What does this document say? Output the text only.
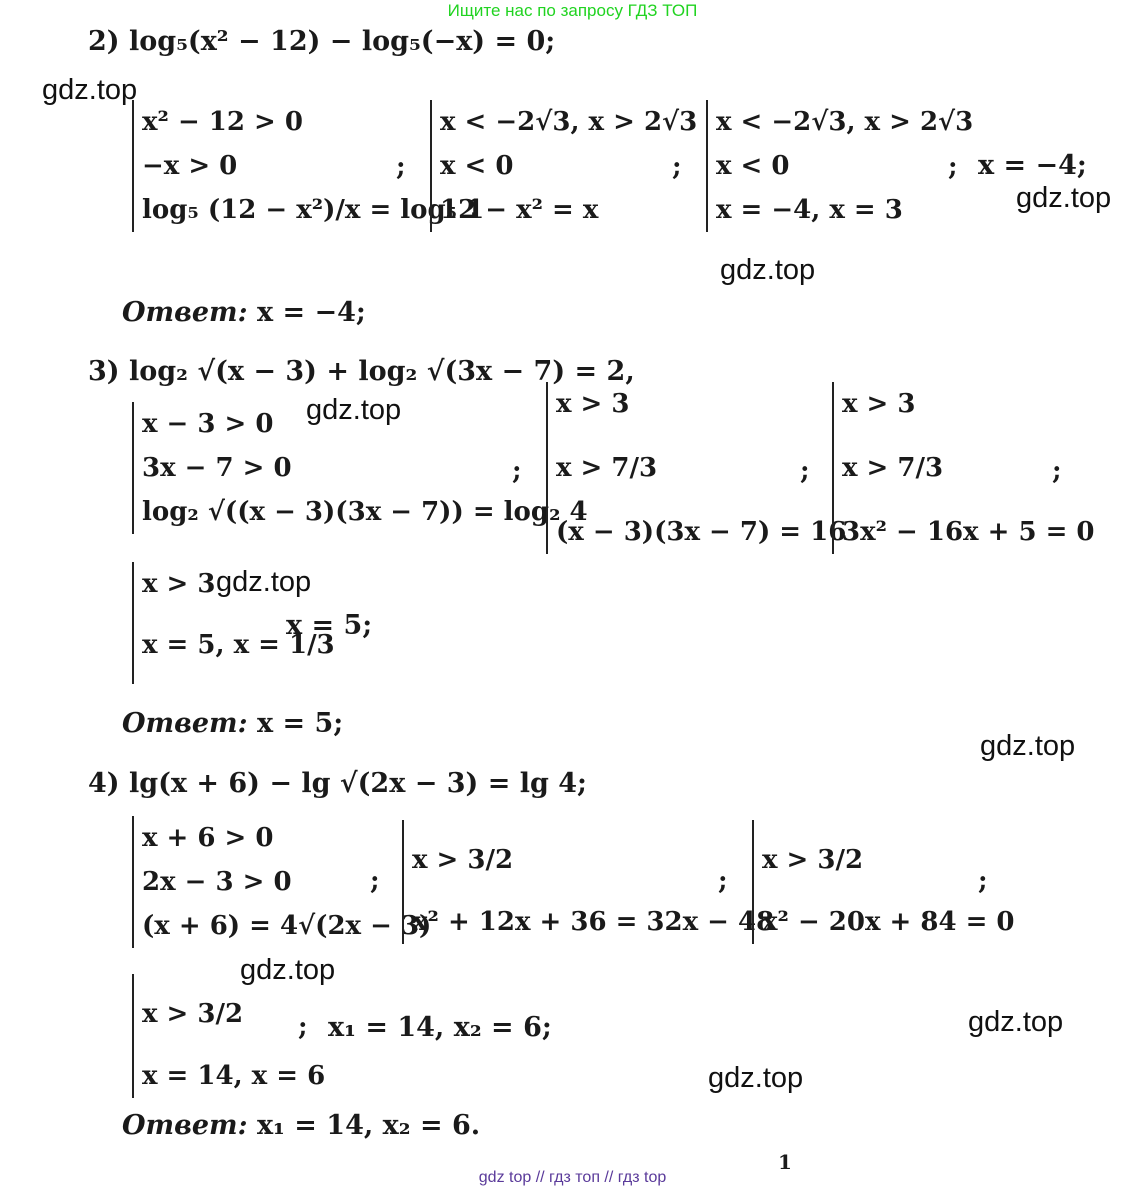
Ищите нас по запросу ГДЗ ТОП
2) log₅(x² − 12) − log₅(−x) = 0;
x² − 12 > 0
−x > 0
log₅ (12 − x²)/x = log₅ 1
;
x < −2√3, x > 2√3
x < 0
12 − x² = x
;
x < −2√3, x > 2√3
x < 0
x = −4, x = 3
; x = −4;
Ответ: x = −4;
3) log₂ √(x − 3) + log₂ √(3x − 7) = 2,
x − 3 > 0
3x − 7 > 0
log₂ √((x − 3)(3x − 7)) = log₂ 4
;
x > 3
x > 7/3
(x − 3)(3x − 7) = 16
;
x > 3
x > 7/3
3x² − 16x + 5 = 0
;
x > 3
x = 5, x = 1/3
x = 5;
Ответ: x = 5;
4) lg(x + 6) − lg √(2x − 3) = lg 4;
x + 6 > 0
2x − 3 > 0
(x + 6) = 4√(2x − 3)
;
x > 3/2
x² + 12x + 36 = 32x − 48
;
x > 3/2
x² − 20x + 84 = 0
;
x > 3/2
x = 14, x = 6
; x₁ = 14, x₂ = 6;
Ответ: x₁ = 14, x₂ = 6.
1
gdz.top
gdz.top
gdz.top
gdz.top
gdz.top
gdz.top
gdz.top
gdz.top
gdz.top
gdz top // гдз топ // гдз top
